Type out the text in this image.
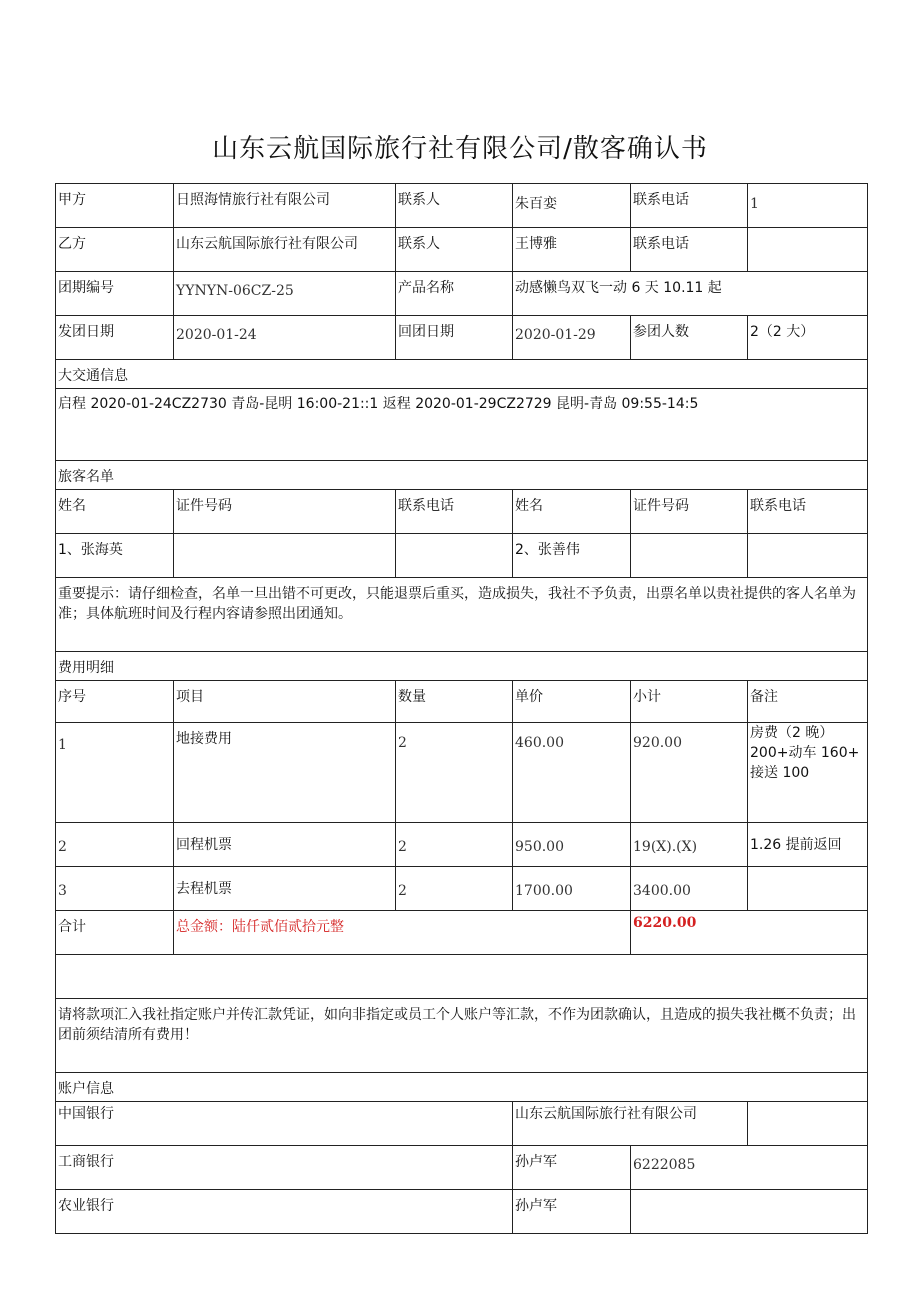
山东云航国际旅行社有限公司/散客确认书
甲方	日照海情旅行社有限公司	联系人	朱百娈	联系电话	1
乙方	山东云航国际旅行社有限公司	联系人	王博雅	联系电话	
团期编号	YYNYN-06CZ-25	产品名称	动感懒鸟双飞一动 6 天 10.11 起		
发团日期	2020-01-24	回团日期	2020-01-29	参团人数	2（2 大）
大交通信息					
启程 2020-01-24CZ2730 青岛-昆明 16:00-21::1 返程 2020-01-29CZ2729 昆明-青岛 09:55-14:5					
旅客名单					
姓名	证件号码	联系电话	姓名	证件号码	联系电话
1、张海英			2、张善伟		
重要提示：请仔细检查，名单一旦出错不可更改，只能退票后重买，造成损失，我社不予负责，出票名单以贵社提供的客人名单为准；具体航班时间及行程内容请参照出团通知。					
费用明细					
序号	项目	数量	单价	小计	备注
1	地接费用	2	460.00	920.00	房费（2 晚）
200+动车 160+
接送 100

2	回程机票	2	950.00	19(X).(X)	1.26 提前返回
3	去程机票	2	1700.00	3400.00	
合计	总金额：陆仟贰佰贰拾元整			6220.00	

请将款项汇入我社指定账户并传汇款凭证，如向非指定或员工个人账户等汇款，不作为团款确认，且造成的损失我社概不负责；出团前须结清所有费用！					
账户信息					
中国银行			山东云航国际旅行社有限公司		
工商银行			孙卢军	6222085	
农业银行			孙卢军		
